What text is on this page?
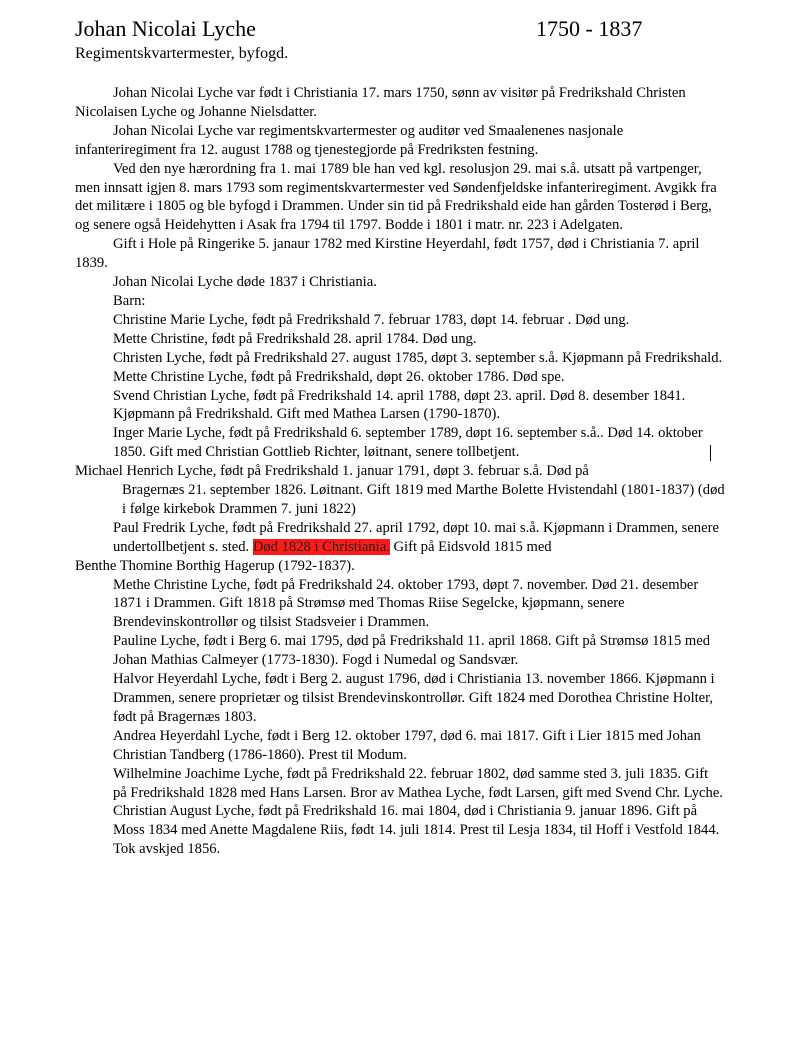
Johan Nicolai Lyche	1750 - 1837
Regimentskvartermester, byfogd.

Johan Nicolai Lyche var født i Christiania 17. mars 1750, sønn av visitør på Fredrikshald Christen Nicolaisen Lyche og Johanne Nielsdatter.

Johan Nicolai Lyche var regimentskvartermester og auditør ved Smaalenenes nasjonale infanteriregiment fra 12. august 1788 og tjenestegjorde på Fredriksten festning.

Ved den nye hærordning fra 1. mai 1789 ble han ved kgl. resolusjon 29. mai s.å. utsatt på vartpenger, men innsatt igjen 8. mars 1793 som regimentskvartermester ved Søndenfjeldske infanteriregiment. Avgikk fra det militære i 1805 og ble byfogd i Drammen. Under sin tid på Fredrikshald eide han gården Tosterød i Berg, og senere også Heidehytten i Asak fra 1794 til 1797. Bodde i 1801 i matr. nr. 223 i Adelgaten.

Gift i Hole på Ringerike 5. janaur 1782 med Kirstine Heyerdahl, født 1757, død i Christiania 7. april 1839.

Johan Nicolai Lyche døde 1837 i Christiania.

Barn:

Christine Marie Lyche, født på Fredrikshald 7. februar 1783, døpt 14. februar . Død ung.

Mette Christine, født på Fredrikshald 28. april 1784. Død ung.

Christen Lyche, født på Fredrikshald 27. august 1785, døpt 3. september s.å. Kjøpmann på Fredrikshald.

Mette Christine Lyche, født på Fredrikshald, døpt 26. oktober 1786. Død spe.

Svend Christian Lyche, født på Fredrikshald 14. april 1788, døpt 23. april. Død 8. desember 1841. Kjøpmann på Fredrikshald. Gift med Mathea Larsen (1790-1870).

Inger Marie Lyche, født på Fredrikshald 6. september 1789, døpt 16. september s.å.. Død 14. oktober 1850. Gift med Christian Gottlieb Richter, løitnant, senere tollbetjent.

Michael Henrich Lyche, født på Fredrikshald 1. januar 1791, døpt 3. februar s.å. Død på

Bragernæs 21. september 1826. Løitnant. Gift 1819 med Marthe Bolette Hvistendahl (1801-1837) (død i følge kirkebok Drammen 7. juni 1822)

Paul Fredrik Lyche, født på Fredrikshald 27. april 1792, døpt 10. mai s.å. Kjøpmann i Drammen, senere undertollbetjent s. sted. Død 1828 i Christiania. Gift på Eidsvold 1815 med

Benthe Thomine Borthig Hagerup (1792-1837).

Methe Christine Lyche, født på Fredrikshald 24. oktober 1793, døpt 7. november. Død 21. desember 1871 i Drammen. Gift 1818 på Strømsø med Thomas Riise Segelcke, kjøpmann, senere Brendevinskontrollør og tilsist Stadsveier i Drammen.

Pauline Lyche, født i Berg 6. mai 1795, død på Fredrikshald 11. april 1868. Gift på Strømsø 1815 med Johan Mathias Calmeyer (1773-1830). Fogd i Numedal og Sandsvær.

Halvor Heyerdahl Lyche, født i Berg 2. august 1796, død i Christiania 13. november 1866. Kjøpmann i Drammen, senere proprietær og tilsist Brendevinskontrollør. Gift 1824 med Dorothea Christine Holter, født på Bragernæs 1803.

Andrea Heyerdahl Lyche, født i Berg 12. oktober 1797, død 6. mai 1817. Gift i Lier 1815 med Johan Christian Tandberg (1786-1860). Prest til Modum.

Wilhelmine Joachime Lyche, født på Fredrikshald 22. februar 1802, død samme sted 3. juli 1835. Gift på Fredrikshald 1828 med Hans Larsen. Bror av Mathea Lyche, født Larsen, gift med Svend Chr. Lyche.

Christian August Lyche, født på Fredrikshald 16. mai 1804, død i Christiania 9. januar 1896. Gift på Moss 1834 med Anette Magdalene Riis, født 14. juli 1814. Prest til Lesja 1834, til Hoff i Vestfold 1844. Tok avskjed 1856.
